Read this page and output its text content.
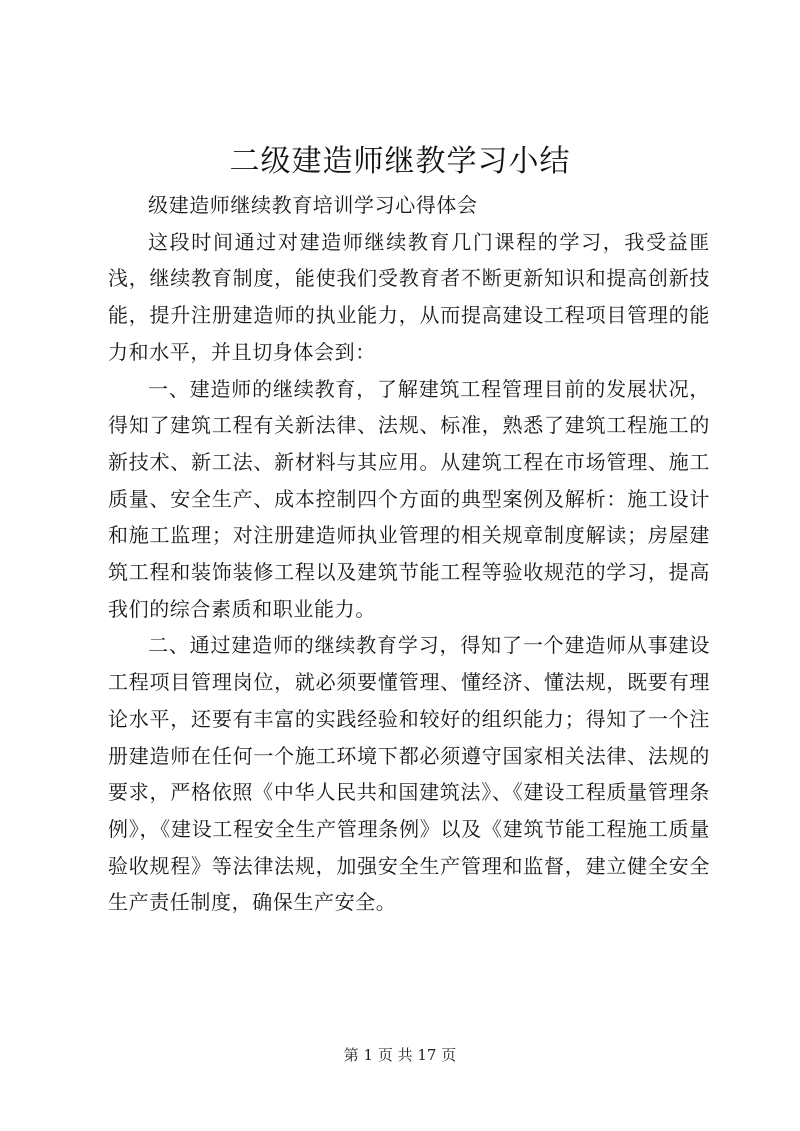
二级建造师继教学习小结

级建造师继续教育培训学习心得体会

这段时间通过对建造师继续教育几门课程的学习，我受益匪浅，继续教育制度，能使我们受教育者不断更新知识和提高创新技能，提升注册建造师的执业能力，从而提高建设工程项目管理的能力和水平，并且切身体会到：

一、建造师的继续教育，了解建筑工程管理目前的发展状况，得知了建筑工程有关新法律、法规、标准，熟悉了建筑工程施工的新技术、新工法、新材料与其应用。从建筑工程在市场管理、施工质量、安全生产、成本控制四个方面的典型案例及解析：施工设计和施工监理；对注册建造师执业管理的相关规章制度解读；房屋建筑工程和装饰装修工程以及建筑节能工程等验收规范的学习，提高我们的综合素质和职业能力。

二、通过建造师的继续教育学习，得知了一个建造师从事建设工程项目管理岗位，就必须要懂管理、懂经济、懂法规，既要有理论水平，还要有丰富的实践经验和较好的组织能力；得知了一个注册建造师在任何一个施工环境下都必须遵守国家相关法律、法规的要求，严格依照《中华人民共和国建筑法》、《建设工程质量管理条例》，《建设工程安全生产管理条例》以及《建筑节能工程施工质量验收规程》等法律法规，加强安全生产管理和监督，建立健全安全生产责任制度，确保生产安全。

第 1 页 共 17 页
